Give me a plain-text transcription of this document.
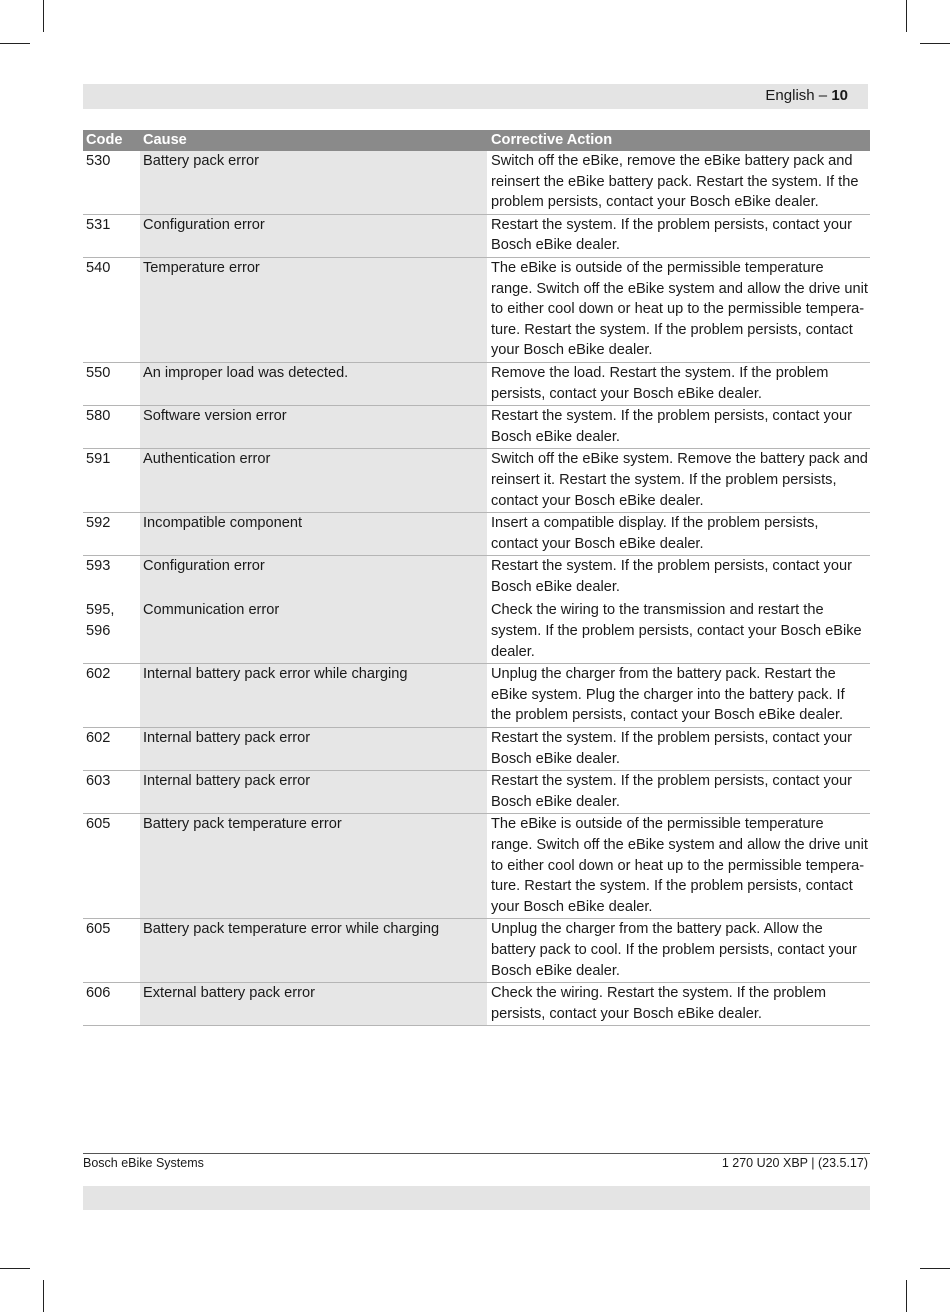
English – 10
Code	Cause	Corrective Action
530	Battery pack error	Switch off the eBike, remove the eBike battery pack and reinsert the eBike battery pack. Restart the system. If the problem persists, contact your Bosch eBike dealer.
531	Configuration error	Restart the system. If the problem persists, contact your Bosch eBike dealer.
540	Temperature error	The eBike is outside of the permissible temperature range. Switch off the eBike system and allow the drive unit to either cool down or heat up to the permissible tempera-ture. Restart the system. If the problem persists, contact your Bosch eBike dealer.
550	An improper load was detected.	Remove the load. Restart the system. If the problem persists, contact your Bosch eBike dealer.
580	Software version error	Restart the system. If the problem persists, contact your Bosch eBike dealer.
591	Authentication error	Switch off the eBike system. Remove the battery pack and reinsert it. Restart the system. If the problem persists, contact your Bosch eBike dealer.
592	Incompatible component	Insert a compatible display. If the problem persists, contact your Bosch eBike dealer.
593	Configuration error	Restart the system. If the problem persists, contact your Bosch eBike dealer.
595, 596	Communication error	Check the wiring to the transmission and restart the system. If the problem persists, contact your Bosch eBike dealer.
602	Internal battery pack error while charging	Unplug the charger from the battery pack. Restart the eBike system. Plug the charger into the battery pack. If the problem persists, contact your Bosch eBike dealer.
602	Internal battery pack error	Restart the system. If the problem persists, contact your Bosch eBike dealer.
603	Internal battery pack error	Restart the system. If the problem persists, contact your Bosch eBike dealer.
605	Battery pack temperature error	The eBike is outside of the permissible temperature range. Switch off the eBike system and allow the drive unit to either cool down or heat up to the permissible tempera-ture. Restart the system. If the problem persists, contact your Bosch eBike dealer.
605	Battery pack temperature error while charging	Unplug the charger from the battery pack. Allow the battery pack to cool. If the problem persists, contact your Bosch eBike dealer.
606	External battery pack error	Check the wiring. Restart the system. If the problem persists, contact your Bosch eBike dealer.
Bosch eBike Systems	1 270 U20 XBP | (23.5.17)
